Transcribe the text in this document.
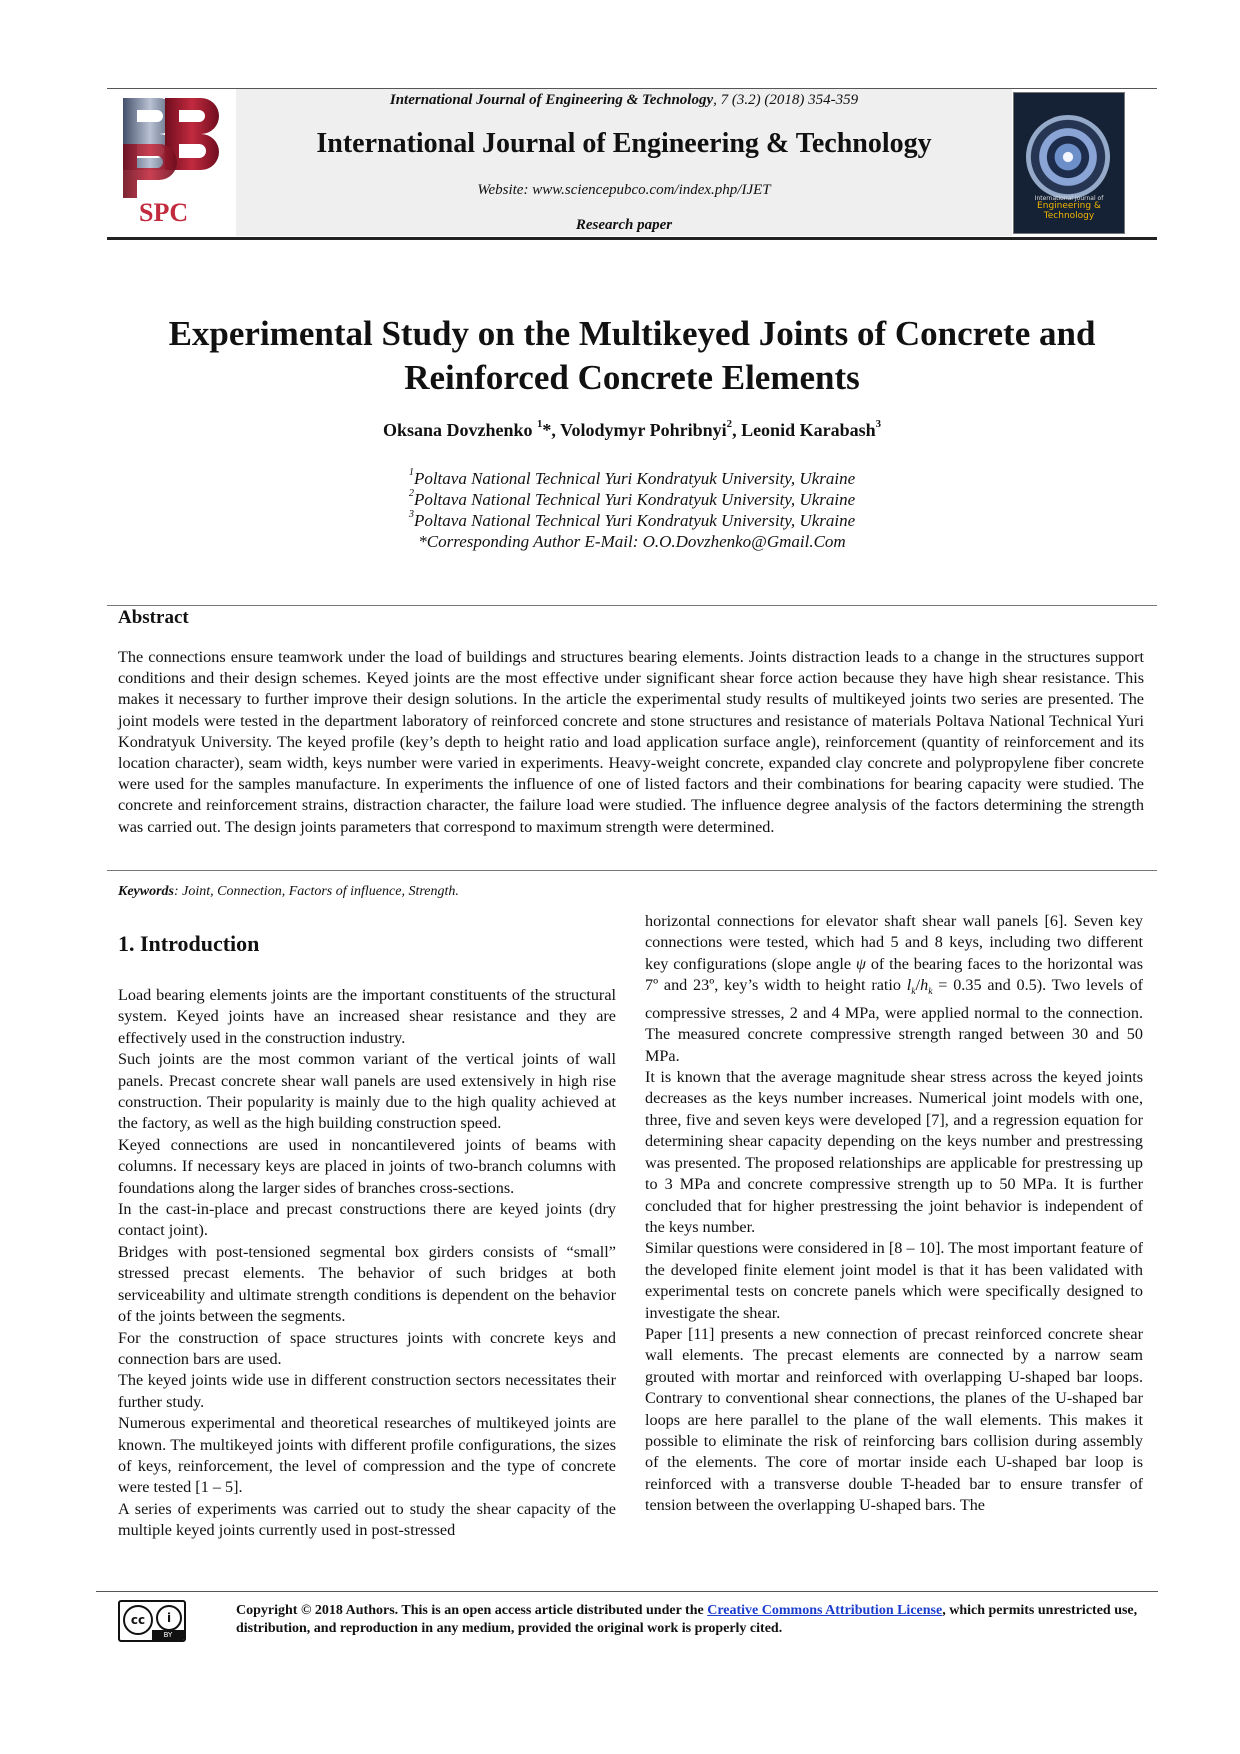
SPC
International Journal of Engineering & Technology, 7 (3.2) (2018) 354-359
International Journal of Engineering & Technology
Website: www.sciencepubco.com/index.php/IJET
Research paper
International Journal of
Engineering & Technology
Experimental Study on the Multikeyed Joints of Concrete and
Reinforced Concrete Elements
Oksana Dovzhenko $^1$*, Volodymyr Pohribnyi$^2$, Leonid Karabash$^3$
$^1$Poltava National Technical Yuri Kondratyuk University, Ukraine
$^2$Poltava National Technical Yuri Kondratyuk University, Ukraine
$^3$Poltava National Technical Yuri Kondratyuk University, Ukraine
*Corresponding Author E-Mail: O.O.Dovzhenko@Gmail.Com
Abstract
The connections ensure teamwork under the load of buildings and structures bearing elements. Joints distraction leads to a change in the structures support conditions and their design schemes. Keyed joints are the most effective under significant shear force action because they have high shear resistance. This makes it necessary to further improve their design solutions. In the article the experimental study results of multikeyed joints two series are presented. The joint models were tested in the department laboratory of reinforced concrete and stone structures and resistance of materials Poltava National Technical Yuri Kondratyuk University. The keyed profile (key’s depth to height ratio and load application surface angle), reinforcement (quantity of reinforcement and its location character), seam width, keys number were varied in experiments. Heavy-weight concrete, expanded clay concrete and polypropylene fiber concrete were used for the samples manufacture. In experiments the influence of one of listed factors and their combinations for bearing capacity were studied. The concrete and reinforcement strains, distraction character, the failure load were studied. The influence degree analysis of the factors determining the strength was carried out. The design joints parameters that correspond to maximum strength were determined.
Keywords: Joint, Connection, Factors of influence, Strength.
1. Introduction

Load bearing elements joints are the important constituents of the structural system. Keyed joints have an increased shear resistance and they are effectively used in the construction industry.

Such joints are the most common variant of the vertical joints of wall panels. Precast concrete shear wall panels are used extensively in high rise construction. Their popularity is mainly due to the high quality achieved at the factory, as well as the high building construction speed.

Keyed connections are used in noncantilevered joints of beams with columns. If necessary keys are placed in joints of two-branch columns with foundations along the larger sides of branches cross-sections.

In the cast-in-place and precast constructions there are keyed joints (dry contact joint).

Bridges with post-tensioned segmental box girders consists of “small” stressed precast elements. The behavior of such bridges at both serviceability and ultimate strength conditions is dependent on the behavior of the joints between the segments.

For the construction of space structures joints with concrete keys and connection bars are used.

The keyed joints wide use in different construction sectors necessitates their further study.

Numerous experimental and theoretical researches of multikeyed joints are known. The multikeyed joints with different profile configurations, the sizes of keys, reinforcement, the level of compression and the type of concrete were tested [1 – 5].

A series of experiments was carried out to study the shear capacity of the multiple keyed joints currently used in post-stressed

horizontal connections for elevator shaft shear wall panels [6]. Seven key connections were tested, which had 5 and 8 keys, including two different key configurations (slope angle ψ of the bearing faces to the horizontal was 7º and 23º, key’s width to height ratio $l_k/h_k = 0.35$ and 0.5). Two levels of compressive stresses, 2 and 4 MPa, were applied normal to the connection. The measured concrete compressive strength ranged between 30 and 50 MPa.

It is known that the average magnitude shear stress across the keyed joints decreases as the keys number increases. Numerical joint models with one, three, five and seven keys were developed [7], and a regression equation for determining shear capacity depending on the keys number and prestressing was presented. The proposed relationships are applicable for prestressing up to 3 MPa and concrete compressive strength up to 50 MPa. It is further concluded that for higher prestressing the joint behavior is independent of the keys number.

Similar questions were considered in [8 – 10]. The most important feature of the developed finite element joint model is that it has been validated with experimental tests on concrete panels which were specifically designed to investigate the shear.

Paper [11] presents a new connection of precast reinforced concrete shear wall elements. The precast elements are connected by a narrow seam grouted with mortar and reinforced with overlapping U-shaped bar loops. Contrary to conventional shear connections, the planes of the U-shaped bar loops are here parallel to the plane of the wall elements. This makes it possible to eliminate the risk of reinforcing bars collision during assembly of the elements. The core of mortar inside each U-shaped bar loop is reinforced with a transverse double T-headed bar to ensure transfer of tension between the overlapping U-shaped bars. The

cc	i
BY
Copyright © 2018 Authors. This is an open access article distributed under the Creative Commons Attribution License, which permits unrestricted use, distribution, and reproduction in any medium, provided the original work is properly cited.
